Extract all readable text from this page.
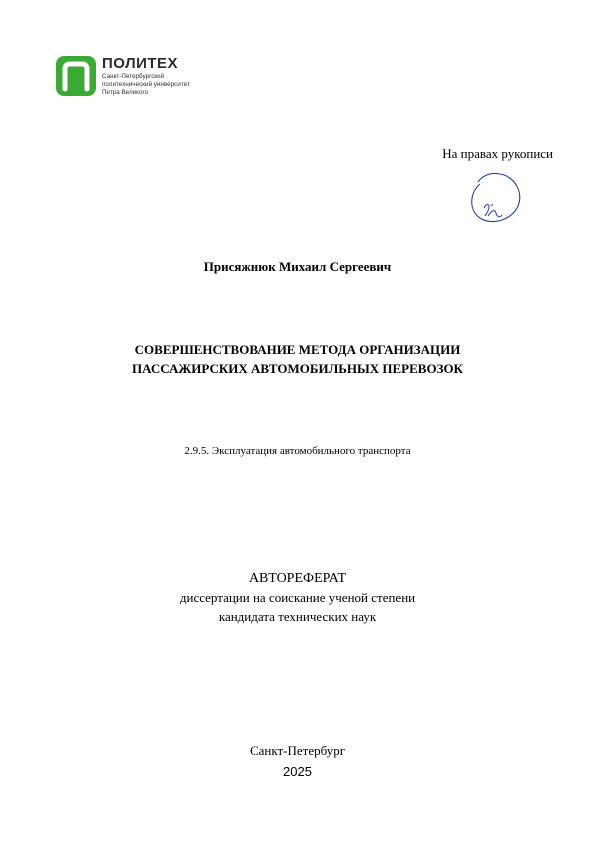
ПОЛИТЕХ
Санкт-Петербургский
политехнический университет
Петра Великого
На правах рукописи
Присяжнюк Михаил Сергеевич
СОВЕРШЕНСТВОВАНИЕ МЕТОДА ОРГАНИЗАЦИИ
ПАССАЖИРСКИХ АВТОМОБИЛЬНЫХ ПЕРЕВОЗОК
2.9.5. Эксплуатация автомобильного транспорта
АВТОРЕФЕРАТ
диссертации на соискание ученой степени
кандидата технических наук
Санкт-Петербург
2025
